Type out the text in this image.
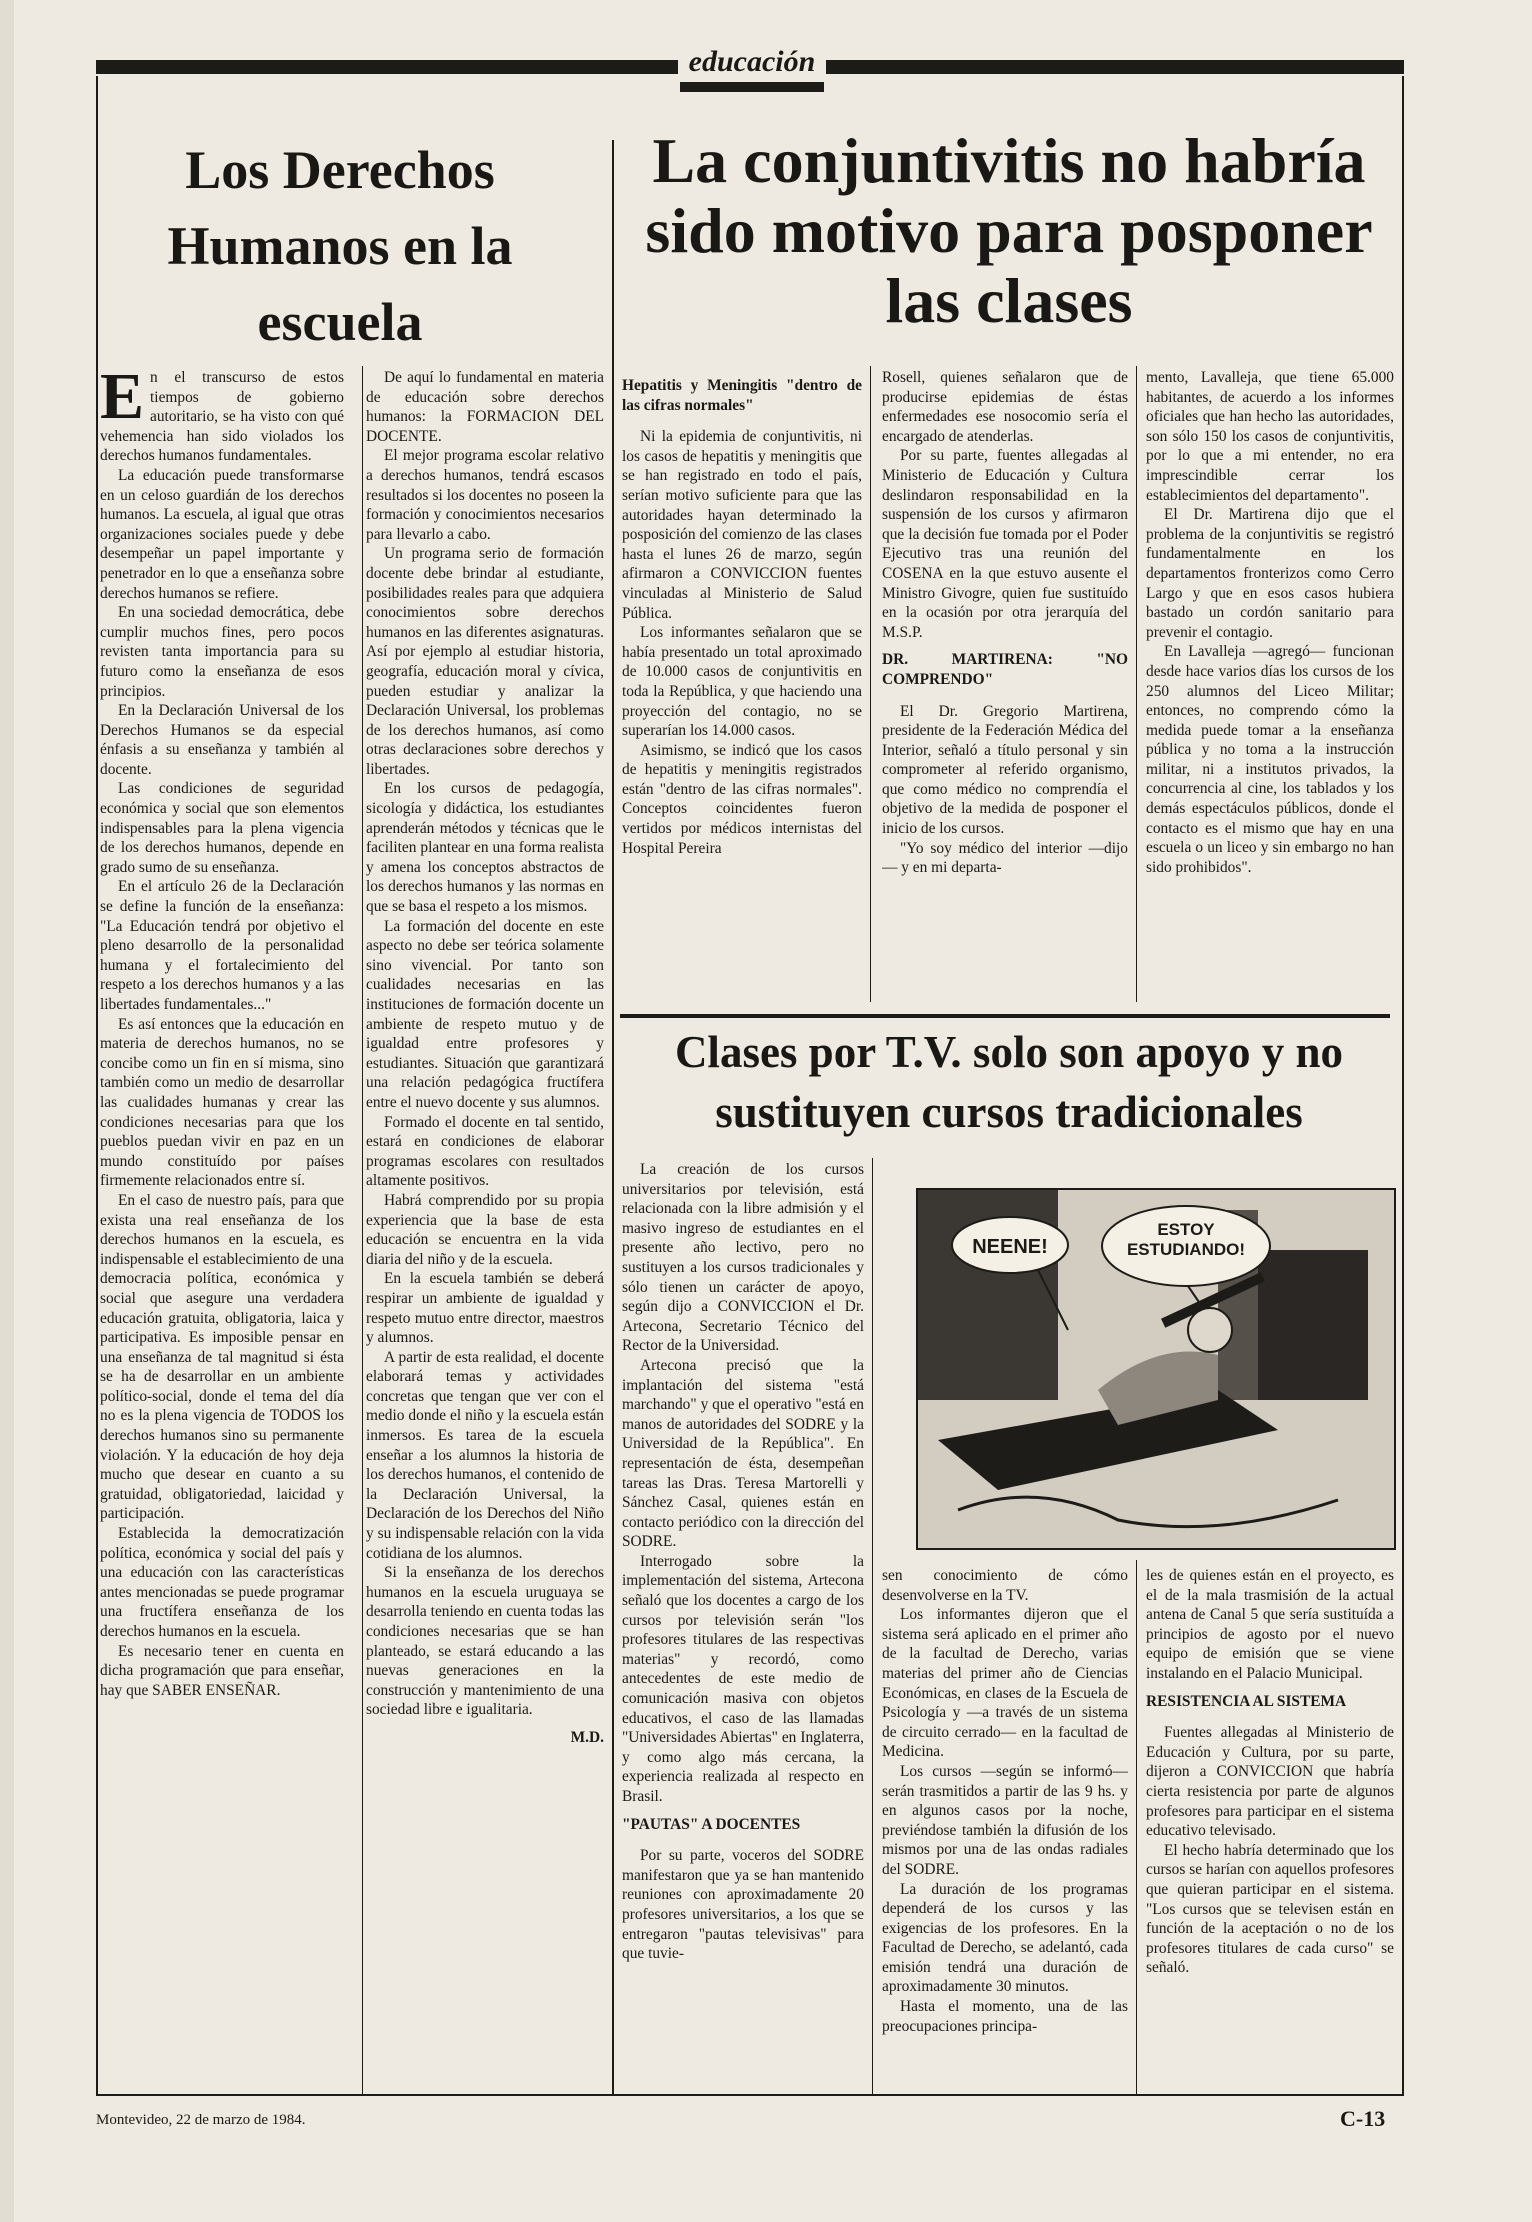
educación
Los Derechos Humanos en la escuela

En el transcurso de estos tiempos de gobierno autoritario, se ha visto con qué vehemencia han sido violados los derechos humanos fundamentales.

La educación puede transformarse en un celoso guardián de los derechos humanos. La escuela, al igual que otras organizaciones sociales puede y debe desempeñar un papel importante y penetrador en lo que a enseñanza sobre derechos humanos se refiere.

En una sociedad democrática, debe cumplir muchos fines, pero pocos revisten tanta importancia para su futuro como la enseñanza de esos principios.

En la Declaración Universal de los Derechos Humanos se da especial énfasis a su enseñanza y también al docente.

Las condiciones de seguridad económica y social que son elementos indispensables para la plena vigencia de los derechos humanos, depende en grado sumo de su enseñanza.

En el artículo 26 de la Declaración se define la función de la enseñanza: "La Educación tendrá por objetivo el pleno desarrollo de la personalidad humana y el fortalecimiento del respeto a los derechos humanos y a las libertades fundamentales..."

Es así entonces que la educación en materia de derechos humanos, no se concibe como un fin en sí misma, sino también como un medio de desarrollar las cualidades humanas y crear las condiciones necesarias para que los pueblos puedan vivir en paz en un mundo constituído por países firmemente relacionados entre sí.

En el caso de nuestro país, para que exista una real enseñanza de los derechos humanos en la escuela, es indispensable el establecimiento de una democracia política, económica y social que asegure una verdadera educación gratuita, obligatoria, laica y participativa. Es imposible pensar en una enseñanza de tal magnitud si ésta se ha de desarrollar en un ambiente político-social, donde el tema del día no es la plena vigencia de TODOS los derechos humanos sino su permanente violación. Y la educación de hoy deja mucho que desear en cuanto a su gratuidad, obligatoriedad, laicidad y participación.

Establecida la democratización política, económica y social del país y una educación con las características antes mencionadas se puede programar una fructífera enseñanza de los derechos humanos en la escuela.

Es necesario tener en cuenta en dicha programación que para enseñar, hay que SABER ENSEÑAR.

De aquí lo fundamental en materia de educación sobre derechos humanos: la FORMACION DEL DOCENTE.

El mejor programa escolar relativo a derechos humanos, tendrá escasos resultados si los docentes no poseen la formación y conocimientos necesarios para llevarlo a cabo.

Un programa serio de formación docente debe brindar al estudiante, posibilidades reales para que adquiera conocimientos sobre derechos humanos en las diferentes asignaturas. Así por ejemplo al estudiar historia, geografía, educación moral y cívica, pueden estudiar y analizar la Declaración Universal, los problemas de los derechos humanos, así como otras declaraciones sobre derechos y libertades.

En los cursos de pedagogía, sicología y didáctica, los estudiantes aprenderán métodos y técnicas que le faciliten plantear en una forma realista y amena los conceptos abstractos de los derechos humanos y las normas en que se basa el respeto a los mismos.

La formación del docente en este aspecto no debe ser teórica solamente sino vivencial. Por tanto son cualidades necesarias en las instituciones de formación docente un ambiente de respeto mutuo y de igualdad entre profesores y estudiantes. Situación que garantizará una relación pedagógica fructífera entre el nuevo docente y sus alumnos.

Formado el docente en tal sentido, estará en condiciones de elaborar programas escolares con resultados altamente positivos.

Habrá comprendido por su propia experiencia que la base de esta educación se encuentra en la vida diaria del niño y de la escuela.

En la escuela también se deberá respirar un ambiente de igualdad y respeto mutuo entre director, maestros y alumnos.

A partir de esta realidad, el docente elaborará temas y actividades concretas que tengan que ver con el medio donde el niño y la escuela están inmersos. Es tarea de la escuela enseñar a los alumnos la historia de los derechos humanos, el contenido de la Declaración Universal, la Declaración de los Derechos del Niño y su indispensable relación con la vida cotidiana de los alumnos.

Si la enseñanza de los derechos humanos en la escuela uruguaya se desarrolla teniendo en cuenta todas las condiciones necesarias que se han planteado, se estará educando a las nuevas generaciones en la construcción y mantenimiento de una sociedad libre e igualitaria.

M.D.
La conjuntivitis no habría sido motivo para posponer las clases

Hepatitis y Meningitis "dentro de las cifras normales"

Ni la epidemia de conjuntivitis, ni los casos de hepatitis y meningitis que se han registrado en todo el país, serían motivo suficiente para que las autoridades hayan determinado la posposición del comienzo de las clases hasta el lunes 26 de marzo, según afirmaron a CONVICCION fuentes vinculadas al Ministerio de Salud Pública.

Los informantes señalaron que se había presentado un total aproximado de 10.000 casos de conjuntivitis en toda la República, y que haciendo una proyección del contagio, no se superarían los 14.000 casos.

Asimismo, se indicó que los casos de hepatitis y meningitis registrados están "dentro de las cifras normales". Conceptos coincidentes fueron vertidos por médicos internistas del Hospital Pereira

Rosell, quienes señalaron que de producirse epidemias de éstas enfermedades ese nosocomio sería el encargado de atenderlas.

Por su parte, fuentes allegadas al Ministerio de Educación y Cultura deslindaron responsabilidad en la suspensión de los cursos y afirmaron que la decisión fue tomada por el Poder Ejecutivo tras una reunión del COSENA en la que estuvo ausente el Ministro Givogre, quien fue sustituído en la ocasión por otra jerarquía del M.S.P.

DR. MARTIRENA: "NO COMPRENDO"

El Dr. Gregorio Martirena, presidente de la Federación Médica del Interior, señaló a título personal y sin comprometer al referido organismo, que como médico no comprendía el objetivo de la medida de posponer el inicio de los cursos.

"Yo soy médico del interior —dijo— y en mi departa-

mento, Lavalleja, que tiene 65.000 habitantes, de acuerdo a los informes oficiales que han hecho las autoridades, son sólo 150 los casos de conjuntivitis, por lo que a mi entender, no era imprescindible cerrar los establecimientos del departamento".

El Dr. Martirena dijo que el problema de la conjuntivitis se registró fundamentalmente en los departamentos fronterizos como Cerro Largo y que en esos casos hubiera bastado un cordón sanitario para prevenir el contagio.

En Lavalleja —agregó— funcionan desde hace varios días los cursos de los 250 alumnos del Liceo Militar; entonces, no comprendo cómo la medida puede tomar a la enseñanza pública y no toma a la instrucción militar, ni a institutos privados, la concurrencia al cine, los tablados y los demás espectáculos públicos, donde el contacto es el mismo que hay en una escuela o un liceo y sin embargo no han sido prohibidos".

Clases por T.V. solo son apoyo y no sustituyen cursos tradicionales

La creación de los cursos universitarios por televisión, está relacionada con la libre admisión y el masivo ingreso de estudiantes en el presente año lectivo, pero no sustituyen a los cursos tradicionales y sólo tienen un carácter de apoyo, según dijo a CONVICCION el Dr. Artecona, Secretario Técnico del Rector de la Universidad.

Artecona precisó que la implantación del sistema "está marchando" y que el operativo "está en manos de autoridades del SODRE y la Universidad de la República". En representación de ésta, desempeñan tareas las Dras. Teresa Martorelli y Sánchez Casal, quienes están en contacto periódico con la dirección del SODRE.

Interrogado sobre la implementación del sistema, Artecona señaló que los docentes a cargo de los cursos por televisión serán "los profesores titulares de las respectivas materias" y recordó, como antecedentes de este medio de comunicación masiva con objetos educativos, el caso de las llamadas "Universidades Abiertas" en Inglaterra, y como algo más cercana, la experiencia realizada al respecto en Brasil.

"PAUTAS" A DOCENTES

Por su parte, voceros del SODRE manifestaron que ya se han mantenido reuniones con aproximadamente 20 profesores universitarios, a los que se entregaron "pautas televisivas" para que tuvie-

NEENE!
ESTOY ESTUDIANDO!

sen conocimiento de cómo desenvolverse en la TV.

Los informantes dijeron que el sistema será aplicado en el primer año de la facultad de Derecho, varias materias del primer año de Ciencias Económicas, en clases de la Escuela de Psicología y —a través de un sistema de circuito cerrado— en la facultad de Medicina.

Los cursos —según se informó— serán trasmitidos a partir de las 9 hs. y en algunos casos por la noche, previéndose también la difusión de los mismos por una de las ondas radiales del SODRE.

La duración de los programas dependerá de los cursos y las exigencias de los profesores. En la Facultad de Derecho, se adelantó, cada emisión tendrá una duración de aproximadamente 30 minutos.

Hasta el momento, una de las preocupaciones principa-

les de quienes están en el proyecto, es el de la mala trasmisión de la actual antena de Canal 5 que sería sustituída a principios de agosto por el nuevo equipo de emisión que se viene instalando en el Palacio Municipal.

RESISTENCIA AL SISTEMA

Fuentes allegadas al Ministerio de Educación y Cultura, por su parte, dijeron a CONVICCION que habría cierta resistencia por parte de algunos profesores para participar en el sistema educativo televisado.

El hecho habría determinado que los cursos se harían con aquellos profesores que quieran participar en el sistema. "Los cursos que se televisen están en función de la aceptación o no de los profesores titulares de cada curso" se señaló.

Montevideo, 22 de marzo de 1984.	C-13
